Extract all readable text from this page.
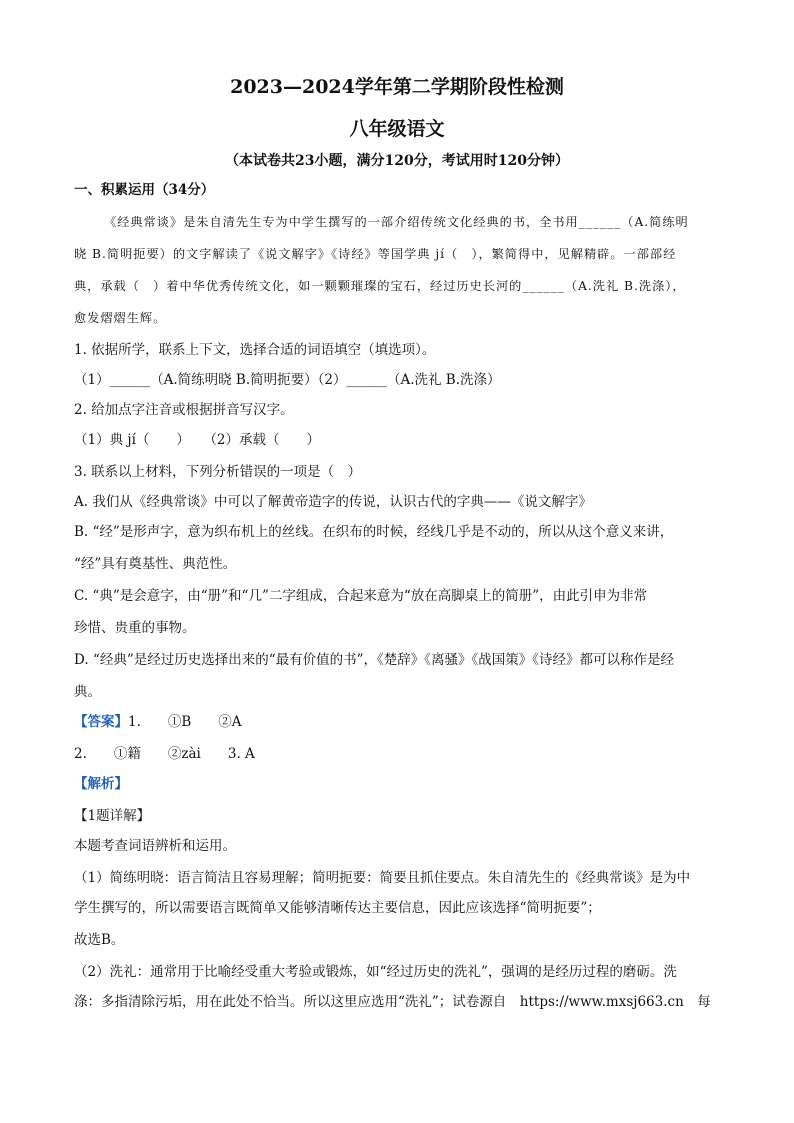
2023—2024学年第二学期阶段性检测
八年级语文
（本试卷共23小题，满分120分，考试用时120分钟）
一、积累运用（34分）
《经典常谈》是朱自清先生专为中学生撰写的一部介绍传统文化经典的书，全书用______（A.简练明
晓 B.简明扼要）的文字解读了《说文解字》《诗经》等国学典 jí（　），繁简得中，见解精辟。一部部经
典，承载（　）着中华优秀传统文化，如一颗颗璀璨的宝石，经过历史长河的______（A.洗礼 B.洗涤），
愈发熠熠生辉。
1. 依据所学，联系上下文，选择合适的词语填空（填选项）。
（1）______（A.简练明晓 B.简明扼要）（2）______（A.洗礼 B.洗涤）
2. 给加点字注音或根据拼音写汉字。
（1）典 jí（　　）　　（2）承载（　　）
3. 联系以上材料，下列分析错误的一项是（　）
A. 我们从《经典常谈》中可以了解黄帝造字的传说，认识古代的字典——《说文解字》
B. “经”是形声字，意为织布机上的丝线。在织布的时候，经线几乎是不动的，所以从这个意义来讲，
“经”具有奠基性、典范性。
C. “典”是会意字，由“册”和“几”二字组成，合起来意为“放在高脚桌上的简册”，由此引申为非常
珍惜、贵重的事物。
D. “经典”是经过历史选择出来的“最有价值的书”，《楚辞》《离骚》《战国策》《诗经》都可以称作是经
典。
【答案】1.　　①B　　②A
2.　　①籍　　②zài　　3. A
【解析】
【1题详解】
本题考查词语辨析和运用。
（1）简练明晓：语言简洁且容易理解；简明扼要：简要且抓住要点。朱自清先生的《经典常谈》是为中
学生撰写的，所以需要语言既简单又能够清晰传达主要信息，因此应该选择“简明扼要”；
故选B。
（2）洗礼：通常用于比喻经受重大考验或锻炼，如“经过历史的洗礼”，强调的是经历过程的磨砺。洗
涤：多指清除污垢，用在此处不恰当。所以这里应选用“洗礼”；试卷源自　https://www.mxsj663.cn　每
